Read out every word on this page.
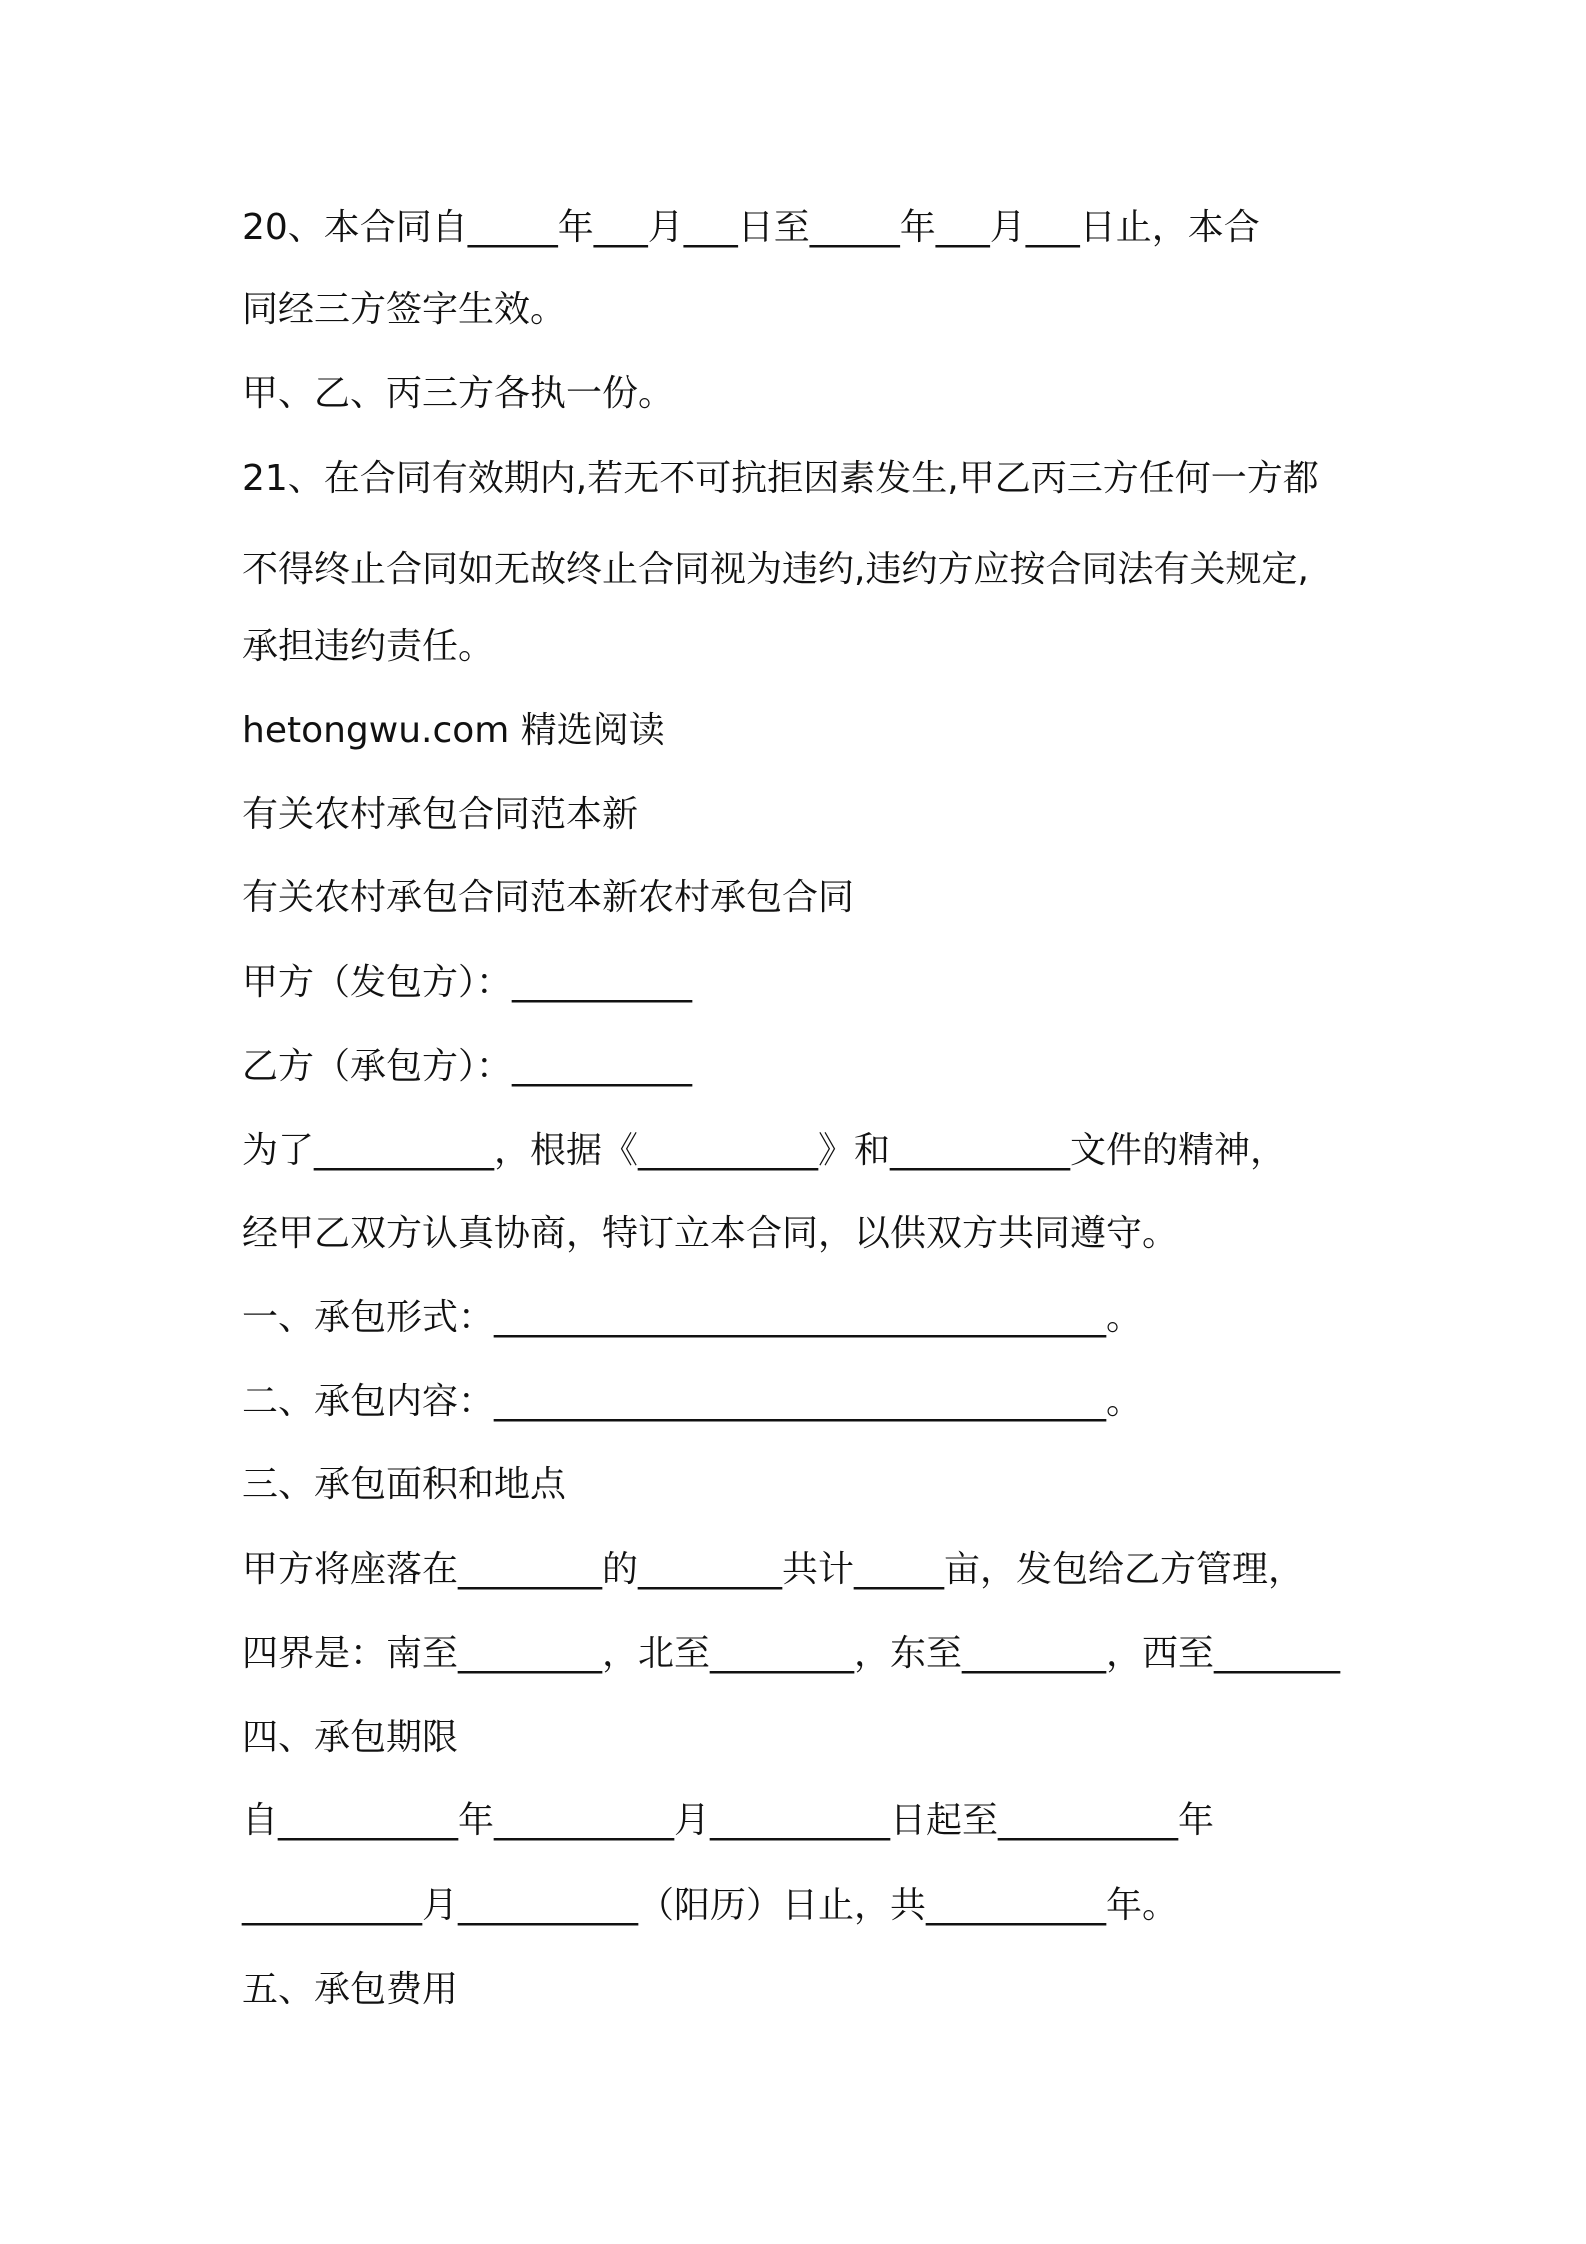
20、本合同自_____年___月___日至_____年___月___日止，本合
同经三方签字生效。
甲、乙、丙三方各执一份。
21、在合同有效期内,若无不可抗拒因素发生,甲乙丙三方任何一方都
不得终止合同如无故终止合同视为违约,违约方应按合同法有关规定,
承担违约责任。
hetongwu.com 精选阅读
有关农村承包合同范本新
有关农村承包合同范本新农村承包合同
甲方（发包方）：__________
乙方（承包方）：__________
为了__________，根据《__________》和__________文件的精神，
经甲乙双方认真协商，特订立本合同，以供双方共同遵守。
一、承包形式：__________________________________。
二、承包内容：__________________________________。
三、承包面积和地点
甲方将座落在________的________共计_____亩，发包给乙方管理，
四界是：南至________，北至________，东至________，西至_______
四、承包期限
自__________年__________月__________日起至__________年
__________月__________（阳历）日止，共__________年。
五、承包费用
